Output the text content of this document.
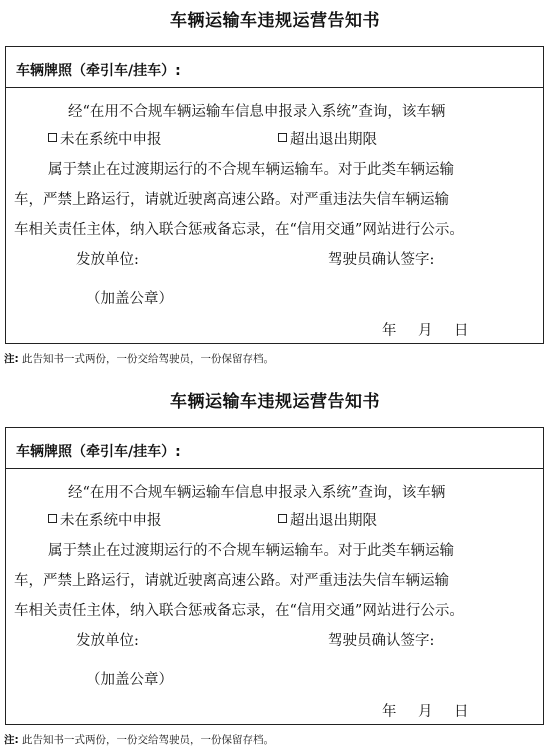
车辆运输车违规运营告知书
车辆牌照（牵引车/挂车）:
经“在用不合规车辆运输车信息申报录入系统”查询，该车辆
未在系统中申报	超出退出期限
属于禁止在过渡期运行的不合规车辆运输车。对于此类车辆运输
车，严禁上路运行，请就近驶离高速公路。对严重违法失信车辆运输
车相关责任主体，纳入联合惩戒备忘录，在“信用交通”网站进行公示。
发放单位:	驾驶员确认签字:
（加盖公章）
年 月 日
注: 此告知书一式两份，一份交给驾驶员，一份保留存档。
车辆运输车违规运营告知书
车辆牌照（牵引车/挂车）:
经“在用不合规车辆运输车信息申报录入系统”查询，该车辆
未在系统中申报	超出退出期限
属于禁止在过渡期运行的不合规车辆运输车。对于此类车辆运输
车，严禁上路运行，请就近驶离高速公路。对严重违法失信车辆运输
车相关责任主体，纳入联合惩戒备忘录，在“信用交通”网站进行公示。
发放单位:	驾驶员确认签字:
（加盖公章）
年 月 日
注: 此告知书一式两份，一份交给驾驶员，一份保留存档。
